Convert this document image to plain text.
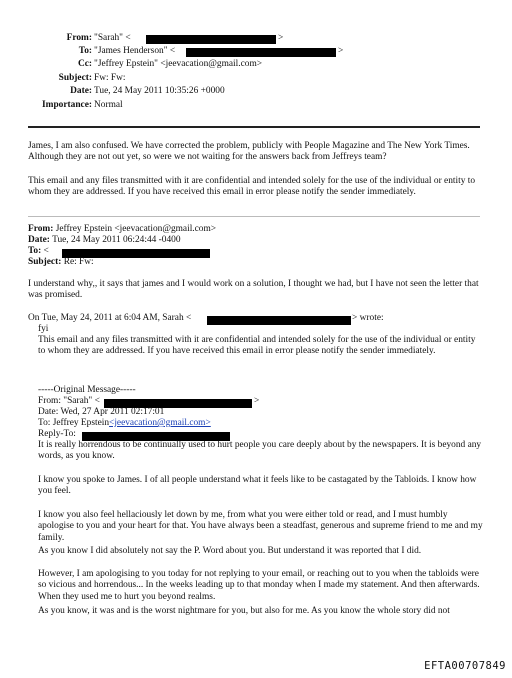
From: "Sarah" <	>
To: "James Henderson" <	>
Cc: "Jeffrey Epstein" <jeevacation@gmail.com>
Subject: Fw: Fw:
Date: Tue, 24 May 2011 10:35:26 +0000
Importance: Normal
James, I am also confused. We have corrected the problem, publicly with People Magazine and The New York Times. Although they are not out yet, so were we not waiting for the answers back from Jeffreys team?
This email and any files transmitted with it are confidential and intended solely for the use of the individual or entity to whom they are addressed. If you have received this email in error please notify the sender immediately.
From: Jeffrey Epstein <jeevacation@gmail.com>
Date: Tue, 24 May 2011 06:24:44 -0400
To: <
Subject: Re: Fw:
I understand why,, it says that james and I would work on a solution, I thought we had, but I have not seen the letter that was promised.
On Tue, May 24, 2011 at 6:04 AM, Sarah <	> wrote:
fyi
This email and any files transmitted with it are confidential and intended solely for the use of the individual or entity to whom they are addressed. If you have received this email in error please notify the sender immediately.
-----Original Message-----
From: "Sarah" <	>
Date: Wed, 27 Apr 2011 02:17:01
To: Jeffrey Epstein<jeevacation@gmail.com>
Reply-To:
It is really horrendous to be continually used to hurt people you care deeply about by the newspapers. It is beyond any words, as you know.
I know you spoke to James. I of all people understand what it feels like to be castagated by the Tabloids. I know how you feel.
I know you also feel hellaciously let down by me, from what you were either told or read, and I must humbly apologise to you and your heart for that. You have always been a steadfast, generous and supreme friend to me and my family.
As you know I did absolutely not say the P. Word about you. But understand it was reported that I did.
However, I am apologising to you today for not replying to your email, or reaching out to you when the tabloids were so vicious and horrendous... In the weeks leading up to that monday when I made my statement. And then afterwards. When they used me to hurt you beyond realms.
As you know, it was and is the worst nightmare for you, but also for me. As you know the whole story did not
EFTA00707849
